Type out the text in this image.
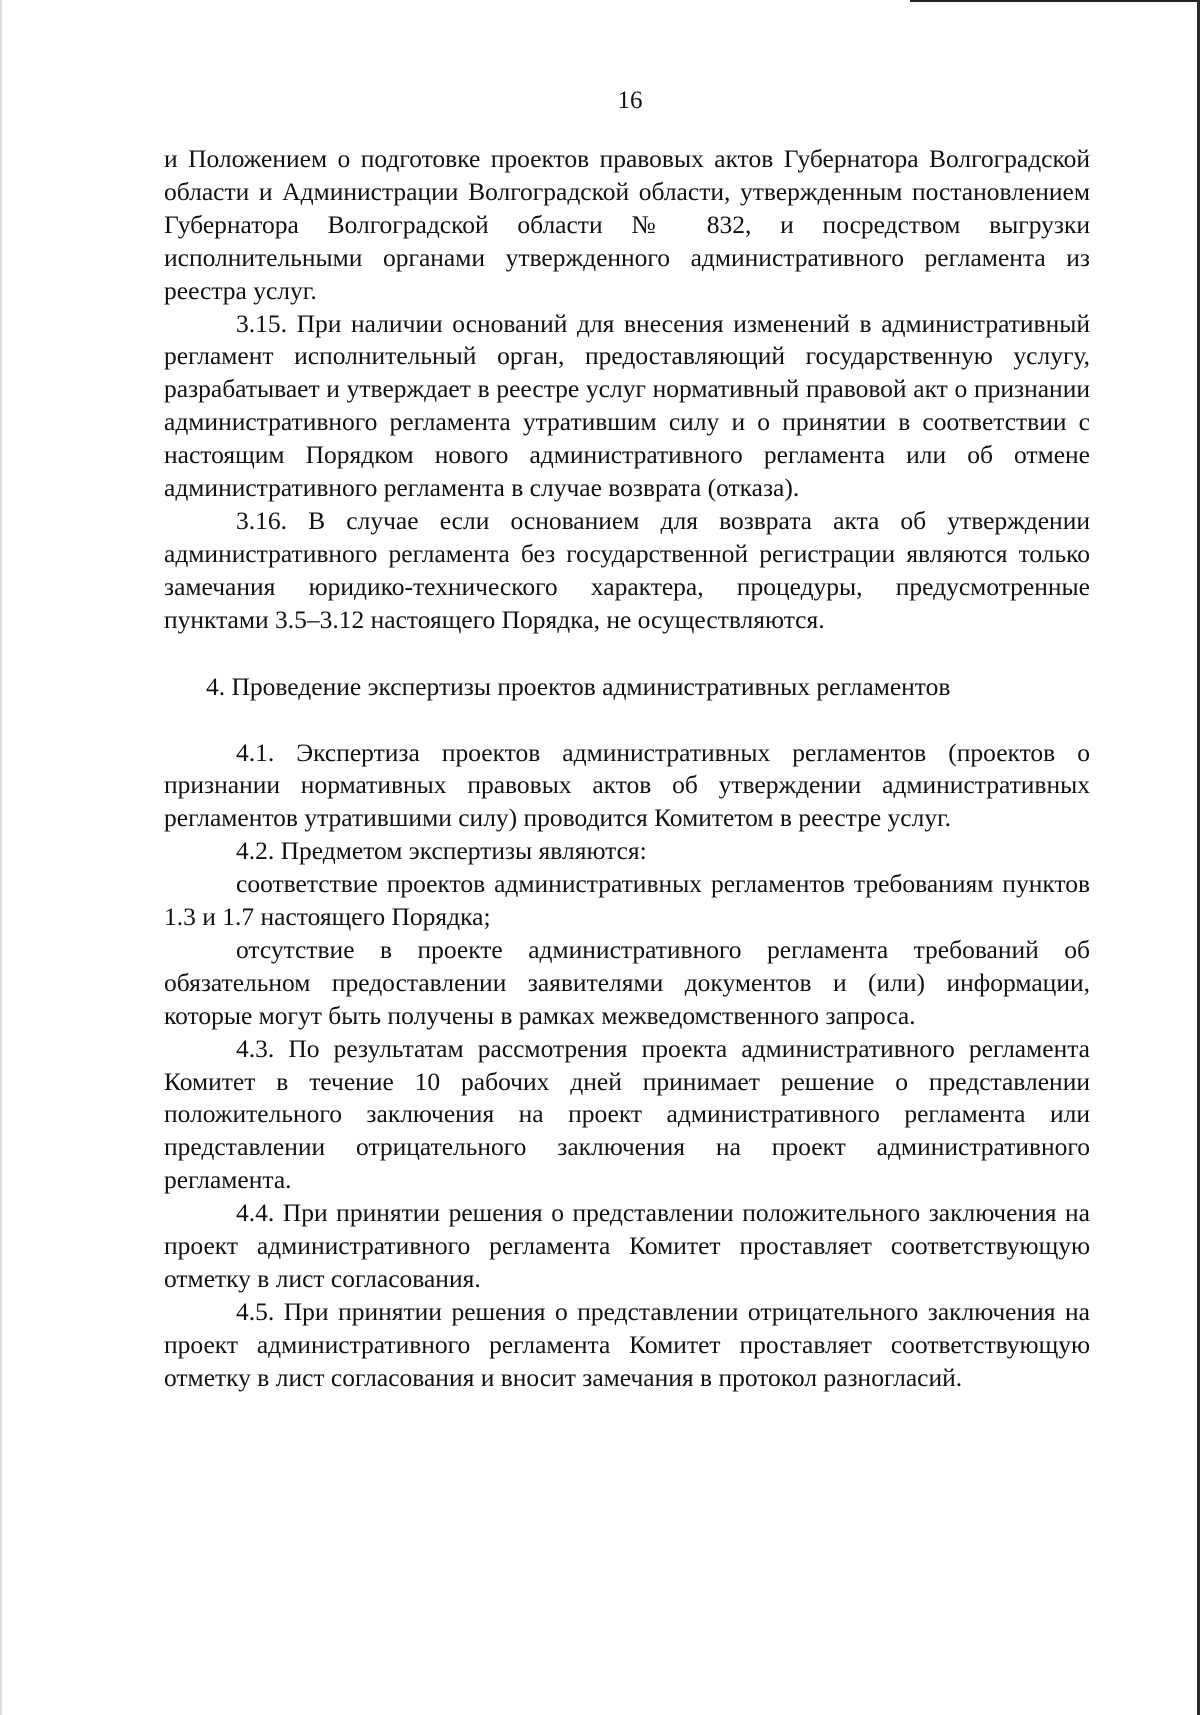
16

и Положением о подготовке проектов правовых актов Губернатора Волгоградской области и Администрации Волгоградской области, утвержденным постановлением Губернатора Волгоградской области № 832, и посредством выгрузки исполнительными органами утвержденного административного регламента из реестра услуг.

3.15. При наличии оснований для внесения изменений в административный регламент исполнительный орган, предоставляющий государственную услугу, разрабатывает и утверждает в реестре услуг нормативный правовой акт о признании административного регламента утратившим силу и о принятии в соответствии с настоящим Порядком нового административного регламента или об отмене административного регламента в случае возврата (отказа).

3.16. В случае если основанием для возврата акта об утверждении административного регламента без государственной регистрации являются только замечания юридико-технического характера, процедуры, предусмотренные пунктами 3.5–3.12 настоящего Порядка, не осуществляются.

4. Проведение экспертизы проектов административных регламентов

4.1. Экспертиза проектов административных регламентов (проектов о признании нормативных правовых актов об утверждении административных регламентов утратившими силу) проводится Комитетом в реестре услуг.

4.2. Предметом экспертизы являются:

соответствие проектов административных регламентов требованиям пунктов 1.3 и 1.7 настоящего Порядка;

отсутствие в проекте административного регламента требований об обязательном предоставлении заявителями документов и (или) информации, которые могут быть получены в рамках межведомственного запроса.

4.3. По результатам рассмотрения проекта административного регламента Комитет в течение 10 рабочих дней принимает решение о представлении положительного заключения на проект административного регламента или представлении отрицательного заключения на проект административного регламента.

4.4. При принятии решения о представлении положительного заключения на проект административного регламента Комитет проставляет соответствующую отметку в лист согласования.

4.5. При принятии решения о представлении отрицательного заключения на проект административного регламента Комитет проставляет соответствующую отметку в лист согласования и вносит замечания в протокол разногласий.
